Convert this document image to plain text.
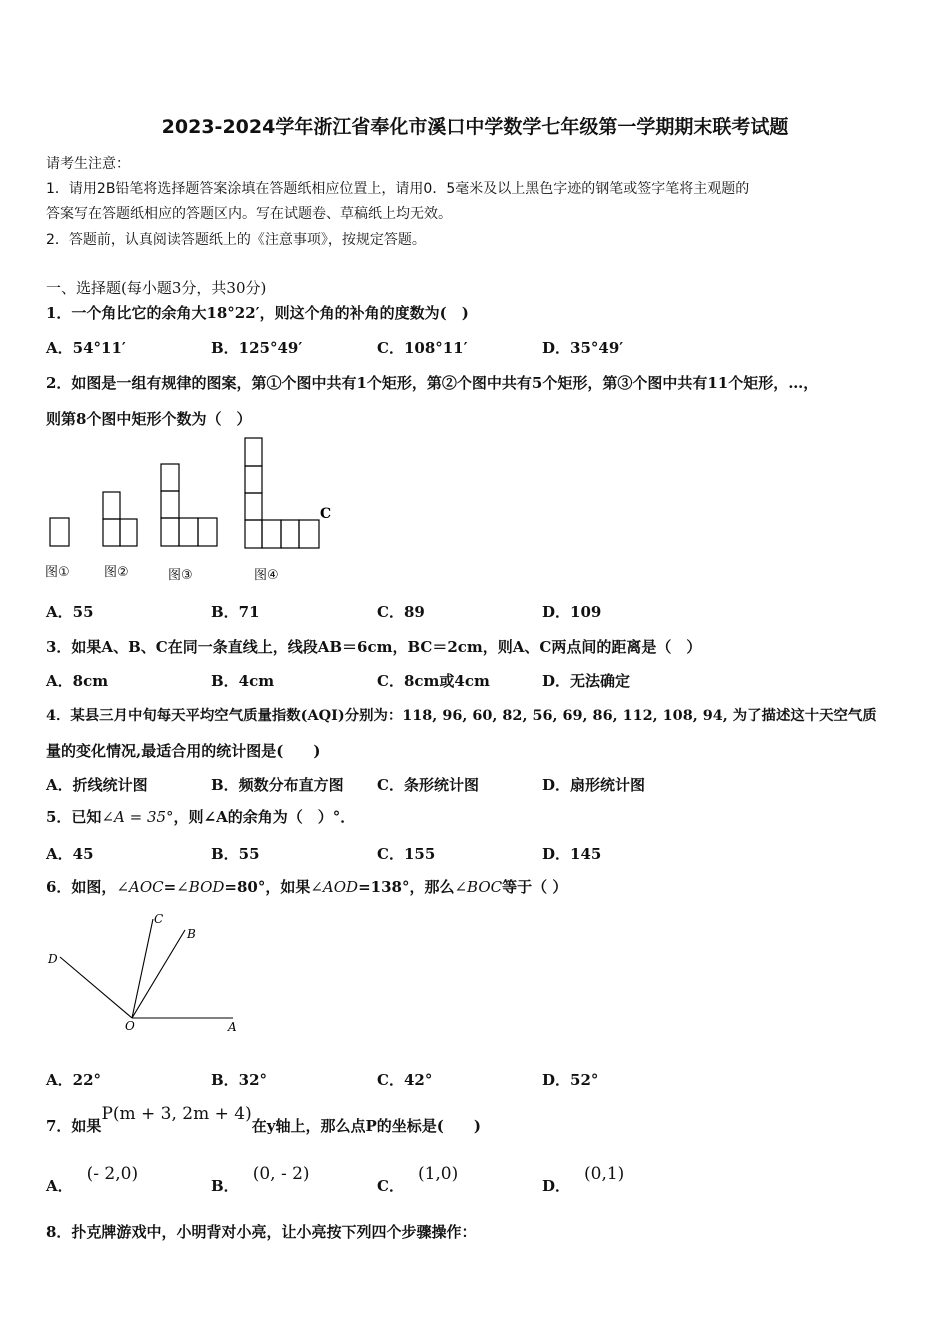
2023-2024学年浙江省奉化市溪口中学数学七年级第一学期期末联考试题
请考生注意：
1．请用2B铅笔将选择题答案涂填在答题纸相应位置上，请用0．5毫米及以上黑色字迹的钢笔或签字笔将主观题的
答案写在答题纸相应的答题区内。写在试题卷、草稿纸上均无效。
2．答题前，认真阅读答题纸上的《注意事项》，按规定答题。
一、选择题(每小题3分，共30分)
1．一个角比它的余角大18°22′，则这个角的补角的度数为(　)
A．54°11′	B．125°49′	C．108°11′	D．35°49′
2．如图是一组有规律的图案，第①个图中共有1个矩形，第②个图中共有5个矩形，第③个图中共有11个矩形，…，
则第8个图中矩形个数为（　）
C
图①	图②	图③	图④
A．55	B．71	C．89	D．109
3．如果A、B、C在同一条直线上，线段AB＝6cm，BC＝2cm，则A、C两点间的距离是（　）
A．8cm	B．4cm	C．8cm或4cm	D．无法确定
4．某县三月中旬每天平均空气质量指数(AQI)分别为：118, 96, 60, 82, 56, 69, 86, 112, 108, 94, 为了描述这十天空气质
量的变化情况,最适合用的统计图是(　　)
A．折线统计图	B．频数分布直方图 C．条形统计图	D．扇形统计图
5．已知∠A = 35°，则∠A的余角为（　）°．
A．45	B．55	C．155	D．145
6．如图，∠AOC=∠BOD=80°，如果∠AOD=138°，那么∠BOC等于（ ）
C
B
D
O	A
A．22°	B．32°	C．42°	D．52°
7．如果P(m + 3, 2m + 4)在y轴上，那么点P的坐标是(　　)
A．(- 2,0)
B．(0, - 2)
C．(1,0)
D．(0,1)
8．扑克牌游戏中，小明背对小亮，让小亮按下列四个步骤操作：
